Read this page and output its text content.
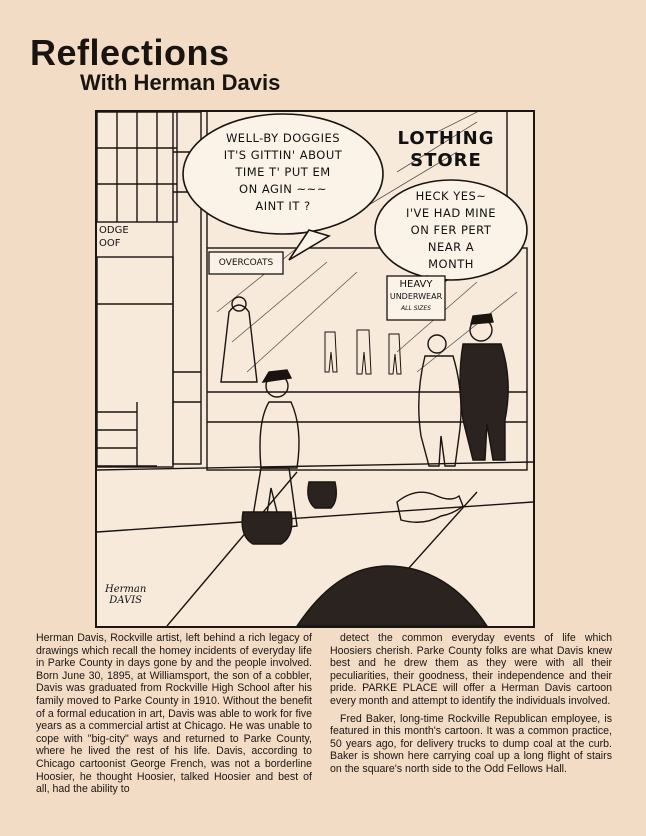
Reflections
With Herman Davis
WELL-BY DOGGIES
IT'S GITTIN' ABOUT
TIME T' PUT EM
ON AGIN ~~~
AINT IT ?
HECK YES~
I'VE HAD MINE
ON FER PERT
NEAR A
MONTH
LOTHING
STORE
ODGE
OOF
OVERCOATS
HEAVY
UNDERWEAR
ALL SIZES
Herman
DAVIS

Herman Davis, Rockville artist, left behind a rich legacy of drawings which recall the homey incidents of everyday life in Parke County in days gone by and the people involved. Born June 30, 1895, at Williamsport, the son of a cobbler, Davis was graduated from Rockville High School after his family moved to Parke County in 1910. Without the benefit of a formal education in art, Davis was able to work for five years as a commercial artist at Chicago. He was unable to cope with "big-city" ways and returned to Parke County, where he lived the rest of his life. Davis, according to Chicago cartoonist George French, was not a borderline Hoosier, he thought Hoosier, talked Hoosier and best of all, had the ability to

detect the common everyday events of life which Hoosiers cherish. Parke County folks are what Davis knew best and he drew them as they were with all their peculiarities, their goodness, their independence and their pride. PARKE PLACE will offer a Herman Davis cartoon every month and attempt to identify the individuals involved.

Fred Baker, long-time Rockville Republican employee, is featured in this month's cartoon. It was a common practice, 50 years ago, for delivery trucks to dump coal at the curb. Baker is shown here carrying coal up a long flight of stairs on the square's north side to the Odd Fellows Hall.
